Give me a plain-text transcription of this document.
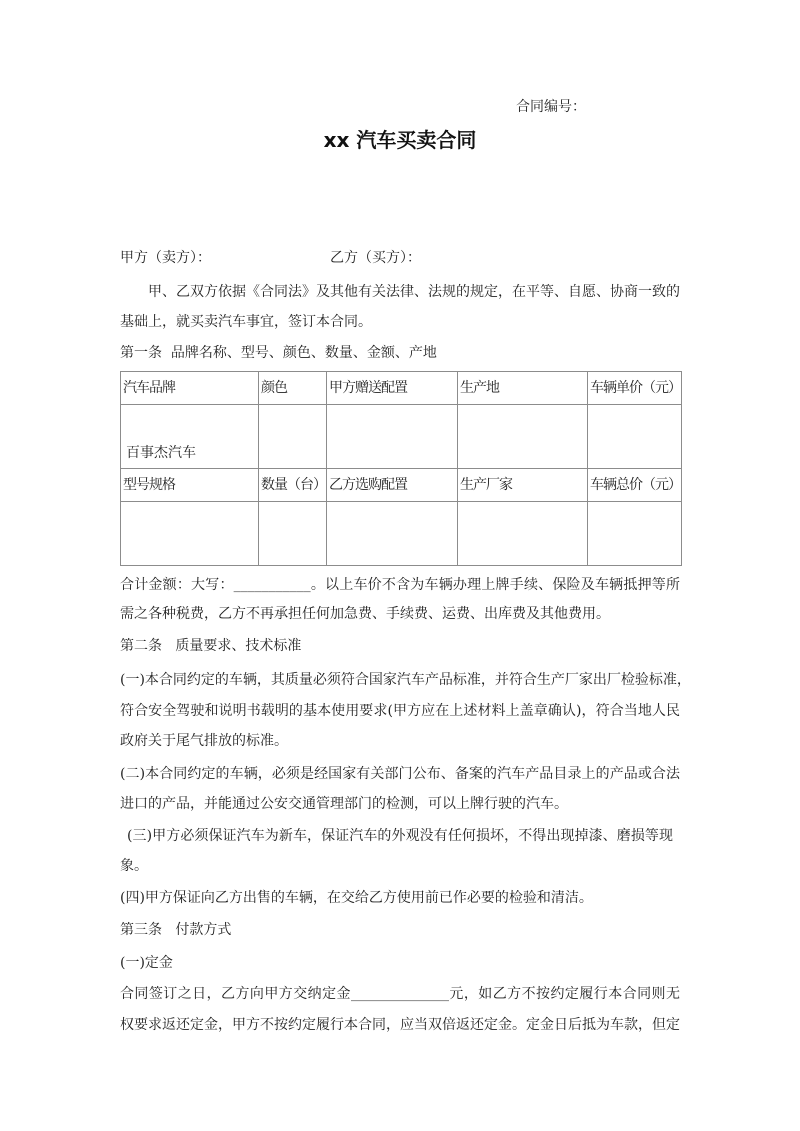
合同编号：
xx 汽车买卖合同
甲方（卖方）：	乙方（买方）：
甲、乙双方依据《合同法》及其他有关法律、法规的规定，在平等、自愿、协商一致的
基础上，就买卖汽车事宜，签订本合同。
第一条  品牌名称、型号、颜色、数量、金额、产地
汽车品牌	颜色	甲方赠送配置	生产地	车辆单价（元）
百事杰汽车				
型号规格	数量（台）	乙方选购配置	生产厂家	车辆总价（元）

合计金额：大写：___________。以上车价不含为车辆办理上牌手续、保险及车辆抵押等所
需之各种税费，乙方不再承担任何加急费、手续费、运费、出库费及其他费用。
第二条   质量要求、技术标准
(一)本合同约定的车辆，其质量必须符合国家汽车产品标准，并符合生产厂家出厂检验标准，
符合安全驾驶和说明书载明的基本使用要求(甲方应在上述材料上盖章确认)，符合当地人民
政府关于尾气排放的标准。
(二)本合同约定的车辆，必须是经国家有关部门公布、备案的汽车产品目录上的产品或合法
进口的产品，并能通过公安交通管理部门的检测，可以上牌行驶的汽车。
(三)甲方必须保证汽车为新车，保证汽车的外观没有任何损坏，不得出现掉漆、磨损等现
象。
(四)甲方保证向乙方出售的车辆，在交给乙方使用前已作必要的检验和清洁。
第三条   付款方式
(一)定金
合同签订之日，乙方向甲方交纳定金______________元，如乙方不按约定履行本合同则无
权要求返还定金，甲方不按约定履行本合同，应当双倍返还定金。定金日后抵为车款，但定
